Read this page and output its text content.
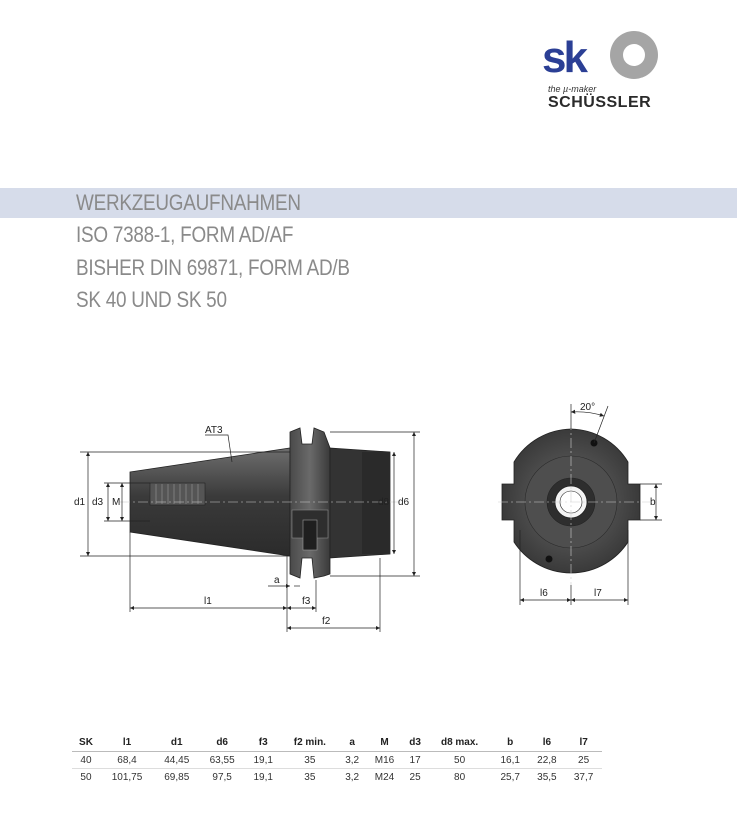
sk
the µ-maker
SCHÜSSLER
WERKZEUGAUFNAHMEN
ISO 7388-1, FORM AD/AF
BISHER DIN 69871, FORM AD/B
SK 40 UND SK 50
AT3
d1 d3 M	d8 d6
a
l1	f3
f2
20°
b
l6	l7
SK	l1	d1	d6	f3	f2 min.	a	M	d3	d8 max.	b	l6	l7
40	68,4	44,45	63,55	19,1	35	3,2	M16	17	50	16,1	22,8	25
50	101,75	69,85	97,5	19,1	35	3,2	M24	25	80	25,7	35,5	37,7
